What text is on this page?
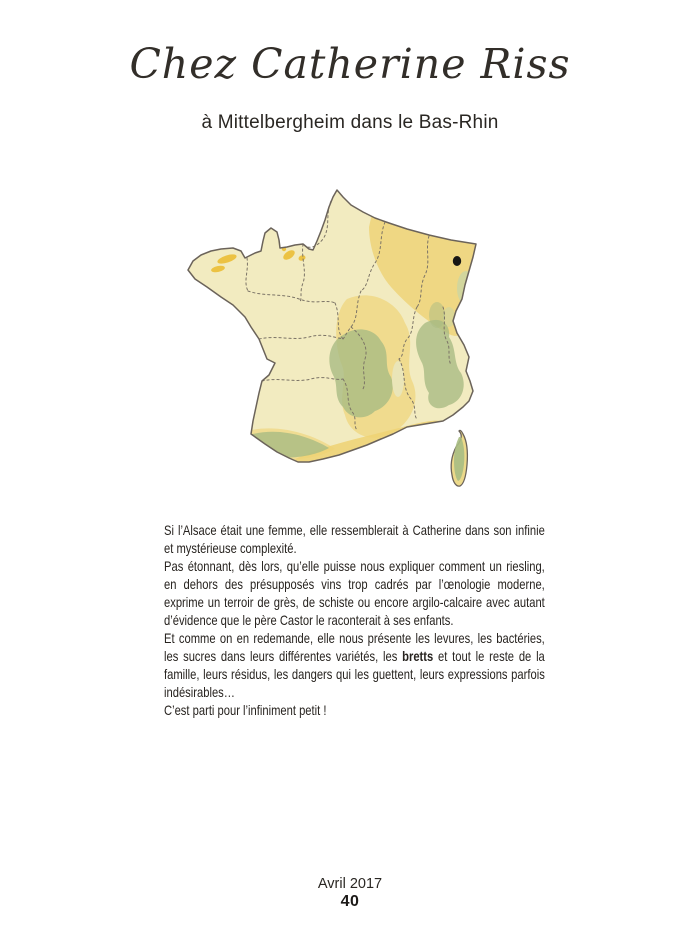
Chez Catherine Riss
à Mittelbergheim dans le Bas-Rhin
Si l’Alsace était une femme, elle ressemblerait à Catherine dans son infinie et mystérieuse complexité.
Pas étonnant, dès lors, qu’elle puisse nous expliquer comment un riesling, en dehors des présupposés vins trop cadrés par l’œnologie moderne, exprime un terroir de grès, de schiste ou encore argilo-calcaire avec autant d’évidence que le père Castor le raconterait à ses enfants.
Et comme on en redemande, elle nous présente les levures, les bactéries, les sucres dans leurs différentes variétés, les bretts et tout le reste de la famille, leurs résidus, les dangers qui les guettent, leurs expressions parfois indésirables…
C’est parti pour l’infiniment petit !
Avril 2017
40
